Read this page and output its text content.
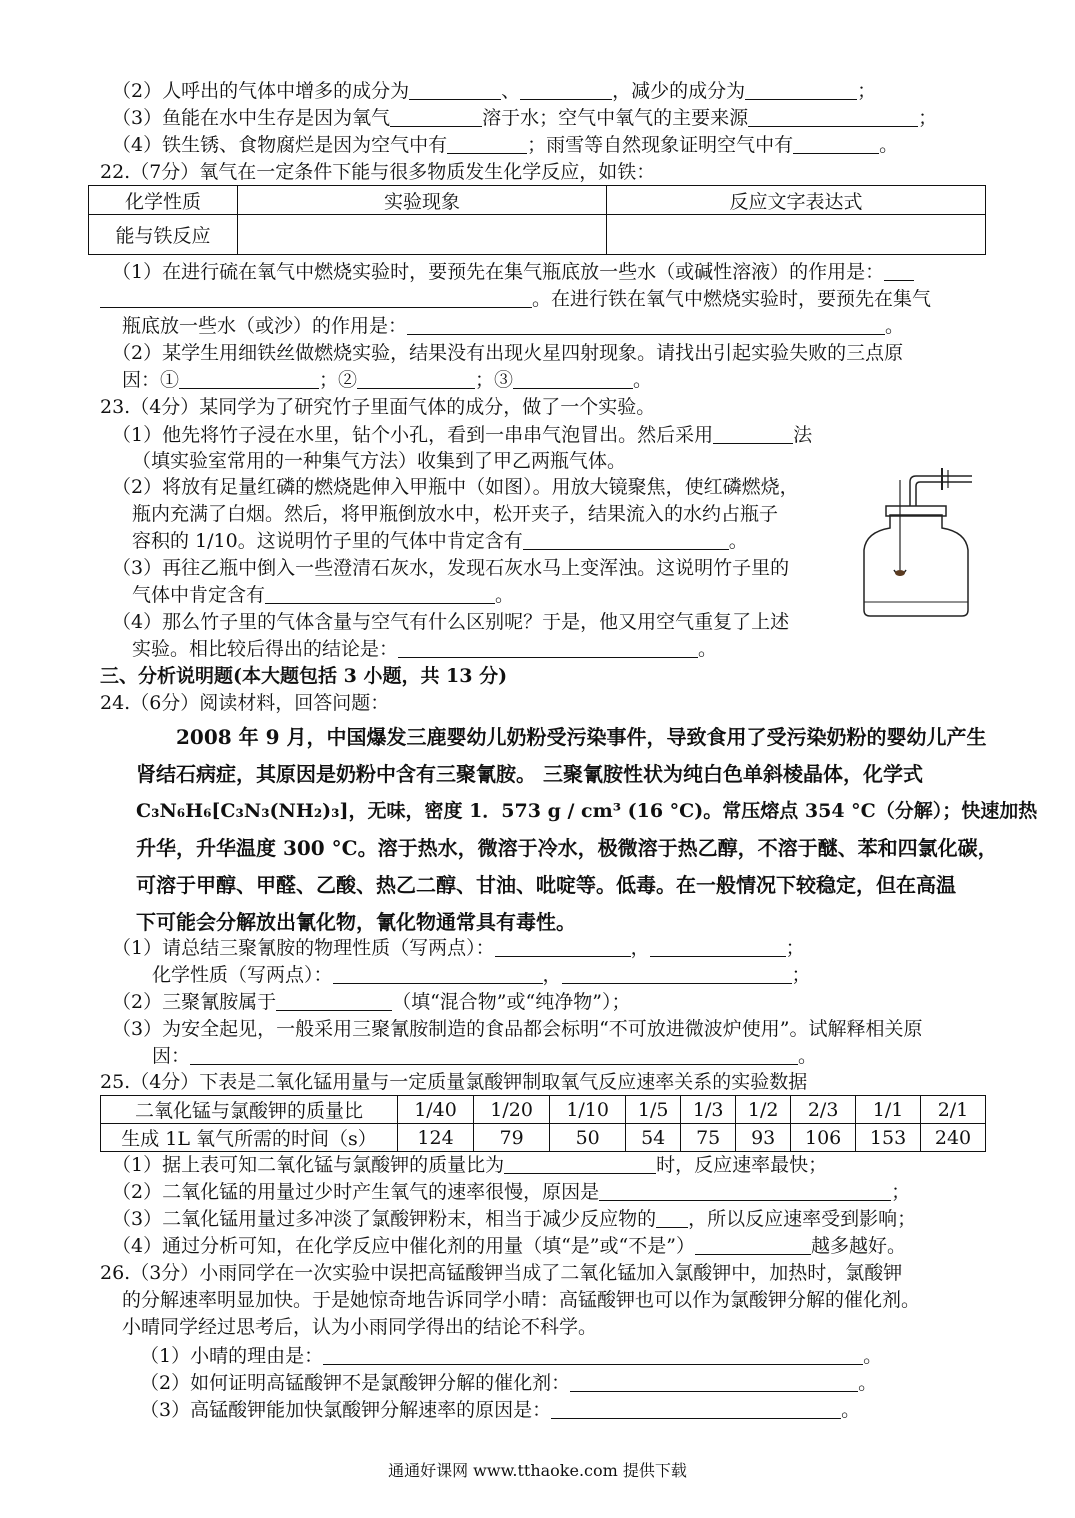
（2）人呼出的气体中增多的成分为	、	，减少的成分为	；
（3）鱼能在水中生存是因为氧气	溶于水；空气中氧气的主要来源	；
（4）铁生锈、食物腐烂是因为空气中有	；雨雪等自然现象证明空气中有	。
22.（7分）氧气在一定条件下能与很多物质发生化学反应，如铁：
化学性质	实验现象	反应文字表达式
能与铁反应		
（1）在进行硫在氧气中燃烧实验时，要预先在集气瓶底放一些水（或碱性溶液）的作用是：
。在进行铁在氧气中燃烧实验时，要预先在集气
瓶底放一些水（或沙）的作用是：	。
（2）某学生用细铁丝做燃烧实验，结果没有出现火星四射现象。请找出引起实验失败的三点原
因：①	；②	；③	。
23.（4分）某同学为了研究竹子里面气体的成分，做了一个实验。
（1）他先将竹子浸在水里，钻个小孔，看到一串串气泡冒出。然后采用	法
（填实验室常用的一种集气方法）收集到了甲乙两瓶气体。
（2）将放有足量红磷的燃烧匙伸入甲瓶中（如图）。用放大镜聚焦，使红磷燃烧，
瓶内充满了白烟。然后，将甲瓶倒放水中，松开夹子，结果流入的水约占瓶子
容积的 1/10。这说明竹子里的气体中肯定含有	。
（3）再往乙瓶中倒入一些澄清石灰水，发现石灰水马上变浑浊。这说明竹子里的
气体中肯定含有	。
（4）那么竹子里的气体含量与空气有什么区别呢？于是，他又用空气重复了上述
实验。相比较后得出的结论是：	。
三、分析说明题(本大题包括 3 小题，共 13 分)
24.（6分）阅读材料，回答问题：
2008 年 9 月，中国爆发三鹿婴幼儿奶粉受污染事件，导致食用了受污染奶粉的婴幼儿产生
肾结石病症，其原因是奶粉中含有三聚氰胺。 三聚氰胺性状为纯白色单斜棱晶体，化学式
C₃N₆H₆[C₃N₃(NH₂)₃]，无味，密度 1．573 g / cm³ (16 °C)。常压熔点 354 °C（分解）；快速加热
升华，升华温度 300 °C。溶于热水，微溶于冷水，极微溶于热乙醇，不溶于醚、苯和四氯化碳，
可溶于甲醇、甲醛、乙酸、热乙二醇、甘油、吡啶等。低毒。在一般情况下较稳定，但在高温
下可能会分解放出氰化物，氰化物通常具有毒性。
（1）请总结三聚氰胺的物理性质（写两点）：	，	；
化学性质（写两点）：	，	；
（2）三聚氰胺属于	（填“混合物”或“纯净物”）；
（3）为安全起见，一般采用三聚氰胺制造的食品都会标明“不可放进微波炉使用”。试解释相关原
因：	。
25.（4分）下表是二氧化锰用量与一定质量氯酸钾制取氧气反应速率关系的实验数据
二氧化锰与氯酸钾的质量比	1/40	1/20	1/10	1/5	1/3	1/2	2/3	1/1	2/1
生成 1L 氧气所需的时间（s）	124	79	50	54	75	93	106	153	240
（1）据上表可知二氧化锰与氯酸钾的质量比为	时，反应速率最快；
（2）二氧化锰的用量过少时产生氧气的速率很慢，原因是	；
（3）二氧化锰用量过多冲淡了氯酸钾粉末，相当于减少反应物的 ，所以反应速率受到影响；
（4）通过分析可知，在化学反应中催化剂的用量（填“是”或“不是”）	越多越好。
26.（3分）小雨同学在一次实验中误把高锰酸钾当成了二氧化锰加入氯酸钾中，加热时，氯酸钾
的分解速率明显加快。于是她惊奇地告诉同学小晴：高锰酸钾也可以作为氯酸钾分解的催化剂。
小晴同学经过思考后，认为小雨同学得出的结论不科学。
（1）小晴的理由是：	。
（2）如何证明高锰酸钾不是氯酸钾分解的催化剂：	。
（3）高锰酸钾能加快氯酸钾分解速率的原因是：	。
通通好课网 www.tthaoke.com 提供下载
